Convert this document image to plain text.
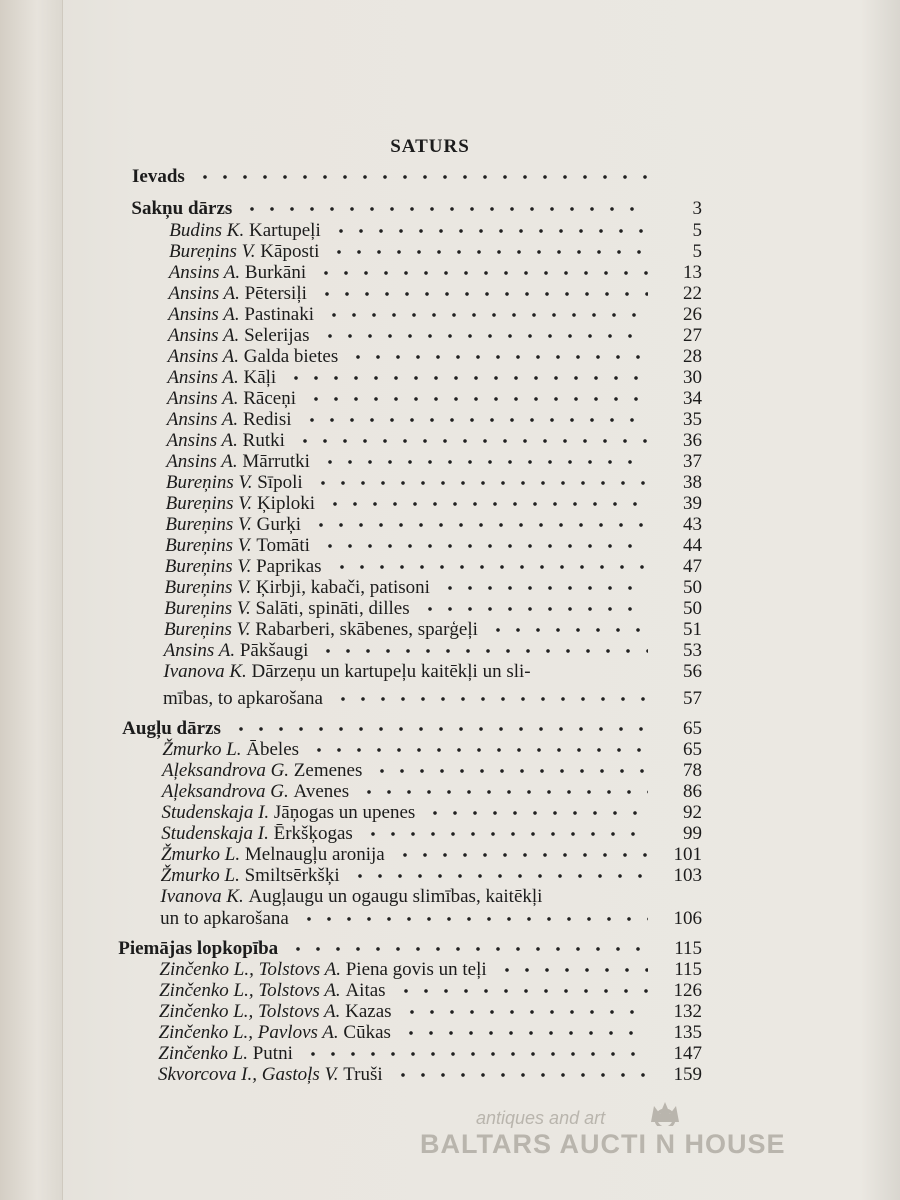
SATURS
Ievads
Sakņu dārzs	3
Budins K. Kartupeļi	5
Bureņins V. Kāposti	5
Ansins A. Burkāni	13
Ansins A. Pētersiļi	22
Ansins A. Pastinaki	26
Ansins A. Selerijas	27
Ansins A. Galda bietes	28
Ansins A. Kāļi	30
Ansins A. Rāceņi	34
Ansins A. Redisi	35
Ansins A. Rutki	36
Ansins A. Mārrutki	37
Bureņins V. Sīpoli	38
Bureņins V. Ķiploki	39
Bureņins V. Gurķi	43
Bureņins V. Tomāti	44
Bureņins V. Paprikas	47
Bureņins V. Ķirbji, kabači, patisoni	50
Bureņins V. Salāti, spināti, dilles	50
Bureņins V. Rabarberi, skābenes, sparģeļi	51
Ansins A. Pākšaugi	53
Ivanova K. Dārzeņu un kartupeļu kaitēkļi un sli-	56
mības, to apkarošana	57
Augļu dārzs	65
Žmurko L. Ābeles	65
Aļeksandrova G. Zemenes	78
Aļeksandrova G. Avenes	86
Studenskaja I. Jāņogas un upenes	92
Studenskaja I. Ērkšķogas	99
Žmurko L. Melnaugļu aronija	101
Žmurko L. Smiltsērkšķi	103
Ivanova K. Augļaugu un ogaugu slimības, kaitēkļi
un to apkarošana	106
Piemājas lopkopība	115
Zinčenko L., Tolstovs A. Piena govis un teļi	115
Zinčenko L., Tolstovs A. Aitas	126
Zinčenko L., Tolstovs A. Kazas	132
Zinčenko L., Pavlovs A. Cūkas	135
Zinčenko L. Putni	147
Skvorcova I., Gastoļs V. Truši	159
antiques and art
BALTARS AUCTI N HOUSE
